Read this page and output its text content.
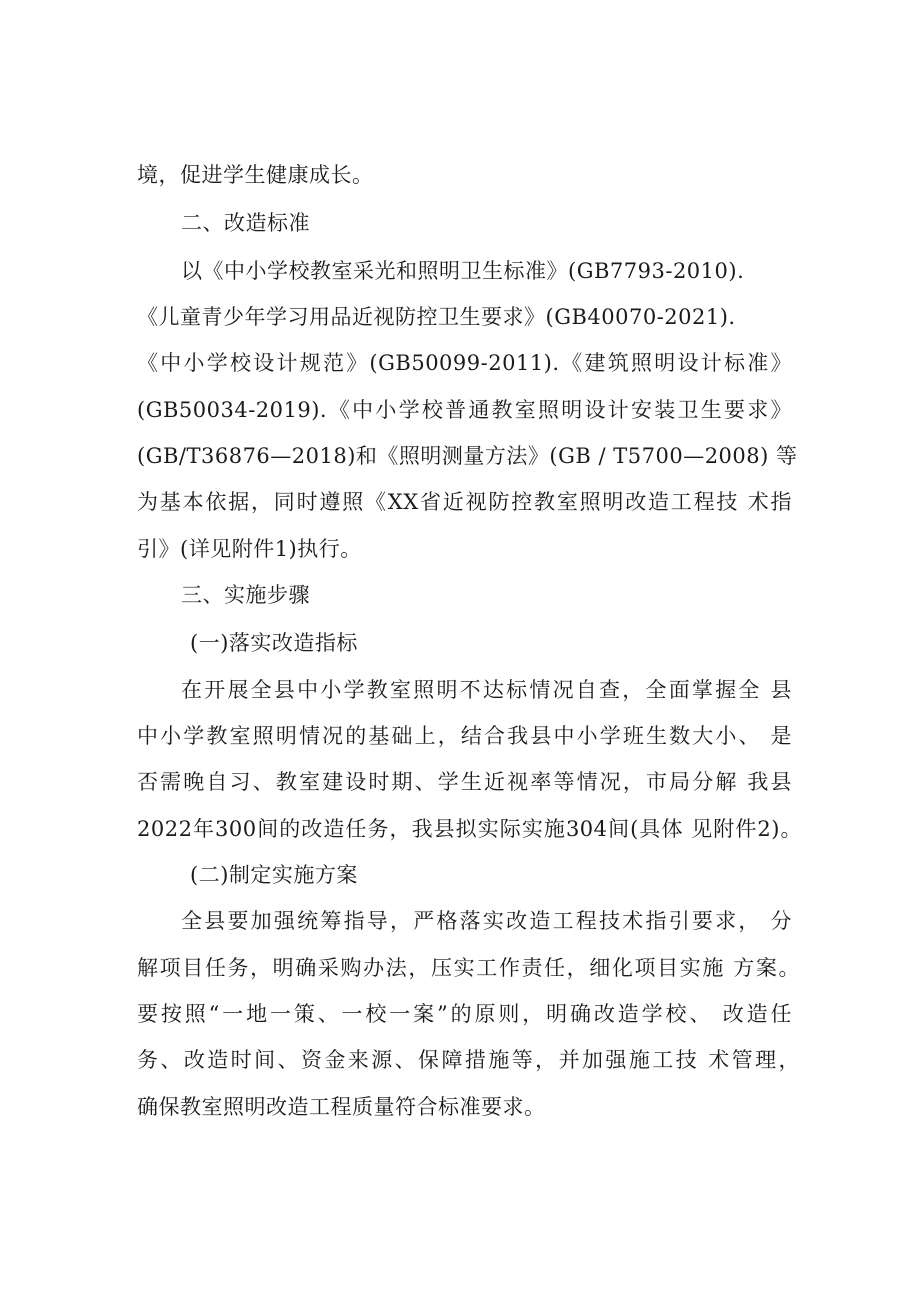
境，促进学生健康成长。
二、改造标准
以《中小学校教室采光和照明卫生标准》(GB7793-2010).
《儿童青少年学习用品近视防控卫生要求》(GB40070-2021).
《中小学校设计规范》(GB50099-2011).《建筑照明设计标准》
(GB50034-2019).《中小学校普通教室照明设计安装卫生要求》
(GB/T36876—2018)和《照明测量方法》(GB / T5700—2008) 等
为基本依据，同时遵照《XX省近视防控教室照明改造工程技 术指
引》(详见附件1)执行。
三、实施步骤
(一)落实改造指标
在开展全县中小学教室照明不达标情况自查，全面掌握全 县
中小学教室照明情况的基础上，结合我县中小学班生数大小、 是
否需晚自习、教室建设时期、学生近视率等情况，市局分解 我县
2022年300间的改造任务，我县拟实际实施304间(具体 见附件2)。
(二)制定实施方案
全县要加强统筹指导，严格落实改造工程技术指引要求， 分
解项目任务，明确采购办法，压实工作责任，细化项目实施 方案。
要按照“一地一策、一校一案”的原则，明确改造学校、 改造任
务、改造时间、资金来源、保障措施等，并加强施工技 术管理，
确保教室照明改造工程质量符合标准要求。
